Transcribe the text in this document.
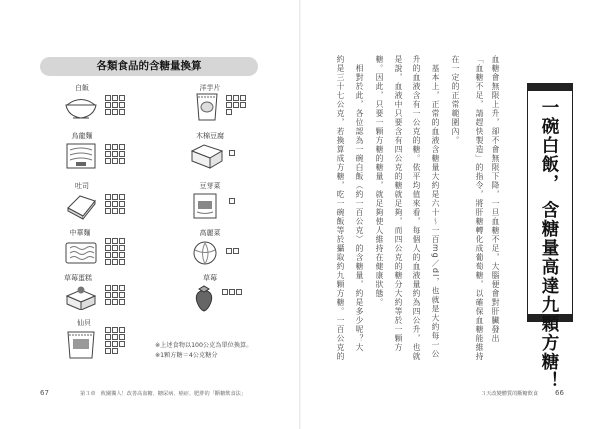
各類食品的含糖量換算
白飯	洋芋片
烏龍麵	木棉豆腐
吐司	豆芽菜
中華麵	高麗菜
草莓蛋糕	草莓
仙貝
※上述食物以100公克為單位換算。
※1顆方糖＝4公克糖分
67	第３章　攸關獨人！改善高血糖、糖尿病、癌症、肥胖的「斷糖飲食法」
血糖會無限上升，卻不會無限下降，一旦血糖不足，大腦便會對肝臟發出
「血糖不足，請趕快製造」的指令，將肝糖轉化成葡萄糖，以確保血糖能維持
在一定的正常範圍內。
基本上，正常的血液含糖量大約是六十～一百mg／dl，也就是大約每一公
升的血液含有一公克的糖。依平均值來看，每個人的血液量約為四公升，也就
是說，血液中只要含有四公克的糖就足夠，而四公克的糖分大約等於一顆方
糖。因此，只要一顆方糖的糖量，就足夠使人維持在健康狀態。
相對於此，各位認為一碗白飯（約一百公克）的含糖量，約是多少呢？大
約是三十七公克，若換算成方糖，吃一碗飯等於攝取約九顆方糖。一百公克的	一碗白飯， 含糖量高達九顆方糖！
３天改變體質的斷糖飲食 66
